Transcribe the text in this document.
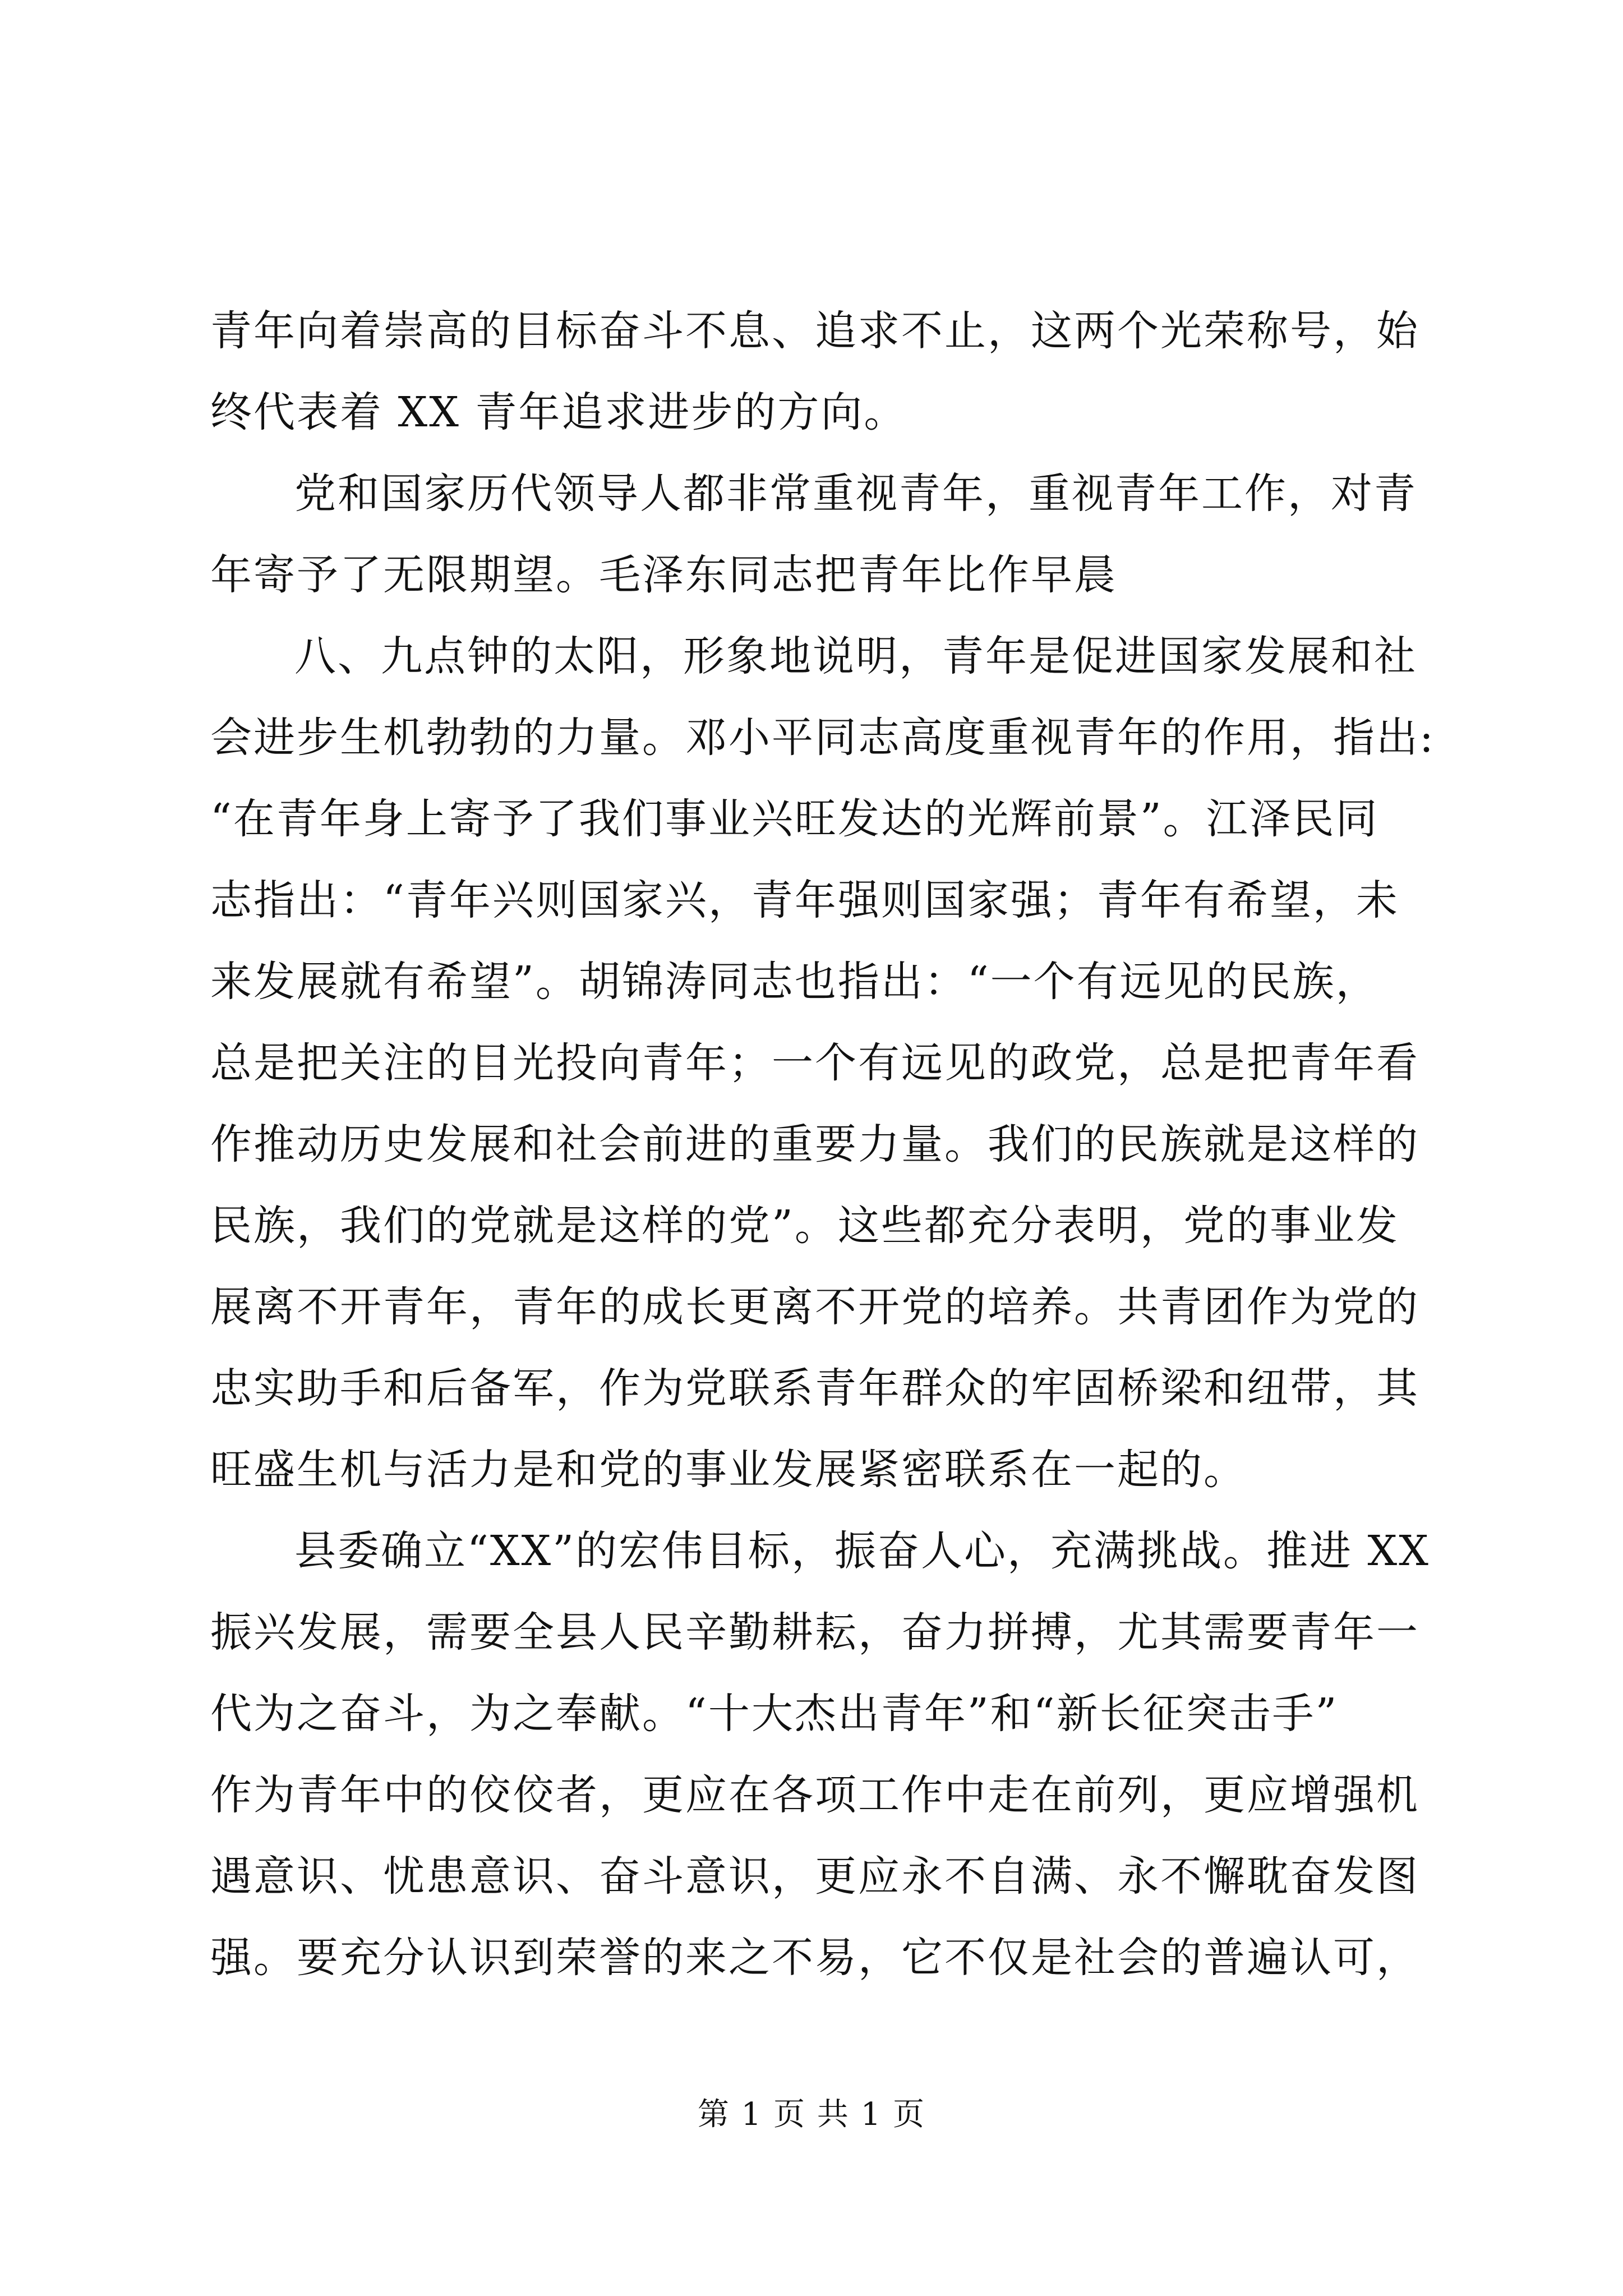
青年向着崇高的目标奋斗不息、追求不止，这两个光荣称号，始
终代表着 XX 青年追求进步的方向。
党和国家历代领导人都非常重视青年，重视青年工作，对青
年寄予了无限期望。毛泽东同志把青年比作早晨
八、九点钟的太阳，形象地说明，青年是促进国家发展和社
会进步生机勃勃的力量。邓小平同志高度重视青年的作用，指出:
“在青年身上寄予了我们事业兴旺发达的光辉前景”。江泽民同
志指出：“青年兴则国家兴，青年强则国家强；青年有希望，未
来发展就有希望”。胡锦涛同志也指出：“一个有远见的民族，
总是把关注的目光投向青年；一个有远见的政党，总是把青年看
作推动历史发展和社会前进的重要力量。我们的民族就是这样的
民族，我们的党就是这样的党”。这些都充分表明，党的事业发
展离不开青年，青年的成长更离不开党的培养。共青团作为党的
忠实助手和后备军，作为党联系青年群众的牢固桥梁和纽带，其
旺盛生机与活力是和党的事业发展紧密联系在一起的。
县委确立“XX”的宏伟目标，振奋人心，充满挑战。推进 XX
振兴发展，需要全县人民辛勤耕耘，奋力拼搏，尤其需要青年一
代为之奋斗，为之奉献。“十大杰出青年”和“新长征突击手”
作为青年中的佼佼者，更应在各项工作中走在前列，更应增强机
遇意识、忧患意识、奋斗意识，更应永不自满、永不懈耽奋发图
强。要充分认识到荣誉的来之不易，它不仅是社会的普遍认可，
第 1 页 共 1 页
